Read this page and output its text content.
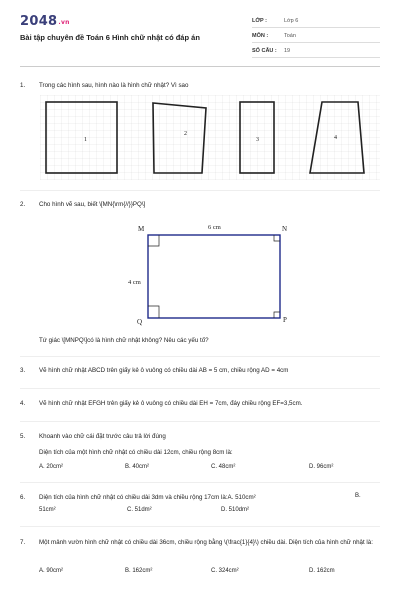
2048.vn
Bài tập chuyên đề Toán 6 Hình chữ nhật có đáp án
LỚP :	Lớp 6
MÔN :	Toán
SỐ CÂU : 19
1. Trong các hình sau, hình nào là hình chữ nhật? Vì sao
1
2
3	4
2. Cho hình vẽ sau, biết \[MN{\rm{//}}PQ\]
M	N
P
Q
6 cm
4 cm
Tứ giác \[MNPQ\]có là hình chữ nhật không? Nêu các yếu tố?
3. Vẽ hình chữ nhật ABCD trên giấy kẻ ô vuông có chiều dài AB = 5 cm, chiều rộng AD = 4cm
4. Vẽ hình chữ nhật EFGH trên giấy kẻ ô vuông có chiều dài EH = 7cm, đáy chiều rộng EF=3,5cm.
5. Khoanh vào chữ cái đặt trước câu trả lời đúng
Diện tích của một hình chữ nhật có chiều dài 12cm, chiều rộng 8cm là:
A. 20cm²	B. 40cm²	C. 48cm²	D. 96cm²
6. Diện tích của hình chữ nhật có chiều dài 3dm và chiều rộng 17cm là:A. 510cm²	B.
51cm²	C. 51dm²	D. 510dm²
7. Một mảnh vườn hình chữ nhật có chiều dài 36cm, chiều rộng bằng \(\frac{1}{4}\) chiều dài. Diện tích của hình chữ nhật là:
A. 90cm²	B. 162cm²	C. 324cm²	D. 162cm
